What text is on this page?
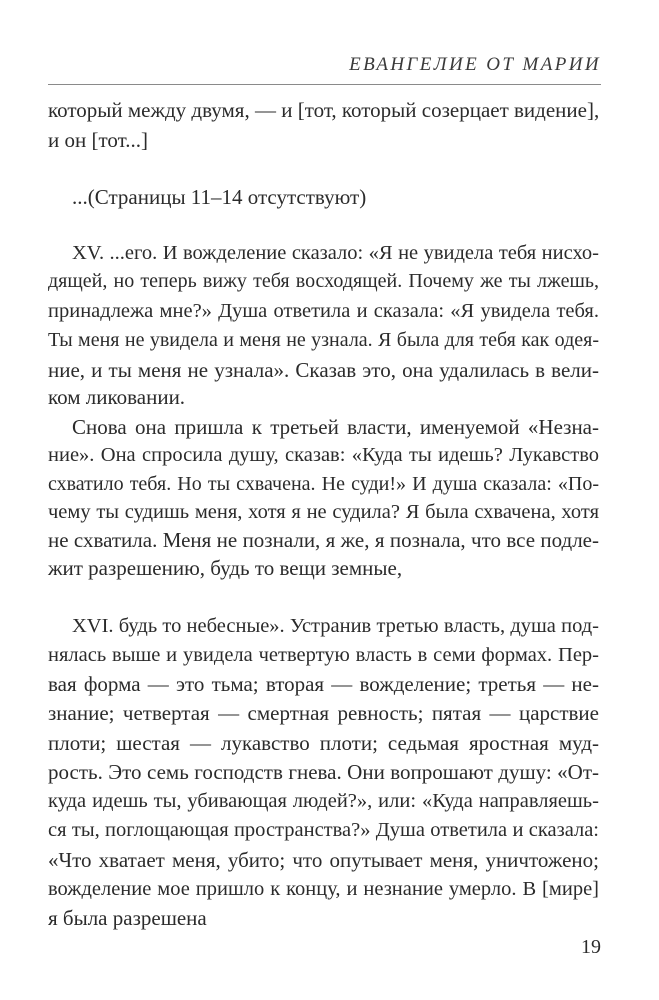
ЕВАНГЕЛИЕ ОТ МАРИИ
который между двумя, — и [тот, который созерцает видение],
и он [тот...]
...(Страницы 11–14 отсутствуют)
XV. ...его. И вожделение сказало: «Я не увидела тебя нисхо-
дящей, но теперь вижу тебя восходящей. Почему же ты лжешь,
принадлежа мне?» Душа ответила и сказала: «Я увидела тебя.
Ты меня не увидела и меня не узнала. Я была для тебя как одея-
ние, и ты меня не узнала». Сказав это, она удалилась в вели-
ком ликовании.
Снова она пришла к третьей власти, именуемой «Незна-
ние». Она спросила душу, сказав: «Куда ты идешь? Лукавство
схватило тебя. Но ты схвачена. Не суди!» И душа сказала: «По-
чему ты судишь меня, хотя я не судила? Я была схвачена, хотя
не схватила. Меня не познали, я же, я познала, что все подле-
жит разрешению, будь то вещи земные,
XVI. будь то небесные». Устранив третью власть, душа под-
нялась выше и увидела четвертую власть в семи формах. Пер-
вая форма — это тьма; вторая — вожделение; третья — не-
знание; четвертая — смертная ревность; пятая — царствие
плоти; шестая — лукавство плоти; седьмая яростная муд-
рость. Это семь господств гнева. Они вопрошают душу: «От-
куда идешь ты, убивающая людей?», или: «Куда направляешь-
ся ты, поглощающая пространства?» Душа ответила и сказала:
«Что хватает меня, убито; что опутывает меня, уничтожено;
вожделение мое пришло к концу, и незнание умерло. В [мире]
я была разрешена
19
